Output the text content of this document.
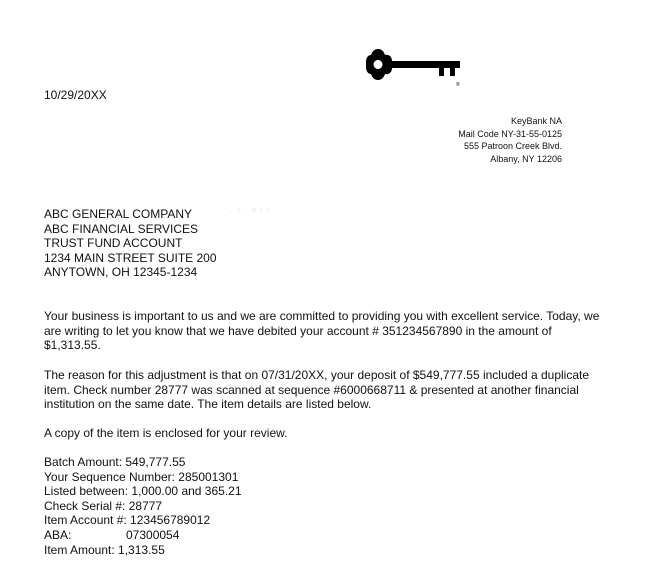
®
10/29/20XX
KeyBank NA
Mail Code NY-31-55-0125
555 Patroon Creek Blvd.
Albany, NY 12206
ABC GENERAL COMPANY
ABC FINANCIAL SERVICES
TRUST FUND ACCOUNT
1234 MAIN STREET SUITE 200
ANYTOWN, OH 12345-1234
· ¹ · ᵇ ʳ ᶜ
Your business is important to us and we are committed to providing you with excellent service. Today, we are writing to let you know that we have debited your account # 351234567890 in the amount of $1,313.55.
The reason for this adjustment is that on 07/31/20XX, your deposit of $549,777.55 included a duplicate item. Check number 28777 was scanned at sequence #6000668711 & presented at another financial institution on the same date. The item details are listed below.
A copy of the item is enclosed for your review.
Batch Amount: 549,777.55
Your Sequence Number: 285001301
Listed between: 1,000.00 and 365.21
Check Serial #: 28777
Item Account #: 123456789012
ABA:	07300054
Item Amount: 1,313.55
